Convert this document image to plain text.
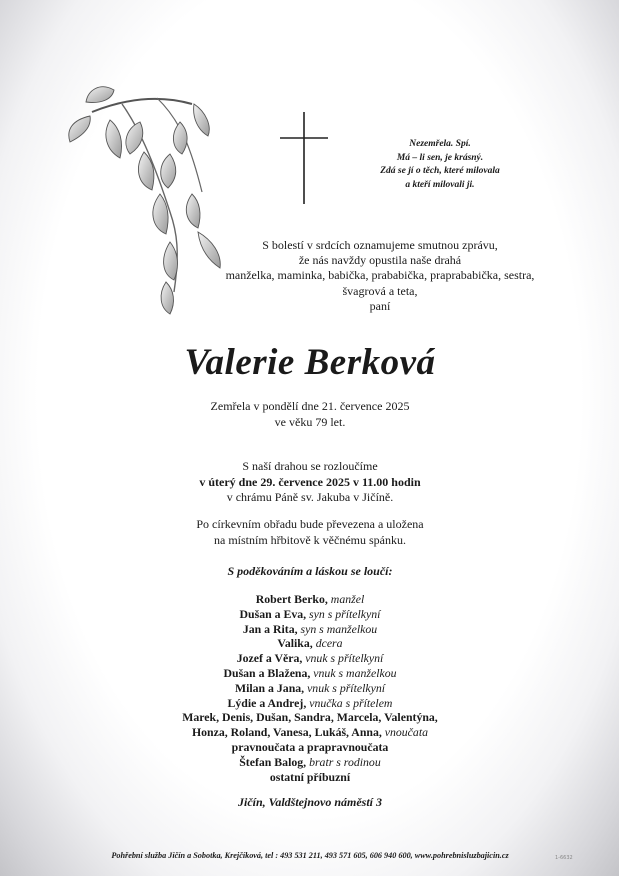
Nezemřela. Spí.
Má – li sen, je krásný.
Zdá se jí o těch, které milovala
a kteří milovali ji.
S bolestí v srdcích oznamujeme smutnou zprávu,
že nás navždy opustila naše drahá
manželka, maminka, babička, prababička, praprababička, sestra,
švagrová a teta,
paní
Valerie Berková
Zemřela v pondělí dne 21. července 2025
ve věku 79 let.
S naší drahou se rozloučíme
v úterý dne 29. července 2025 v 11.00 hodin
v chrámu Páně sv. Jakuba v Jičíně.
Po církevním obřadu bude převezena a uložena
na místním hřbitově k věčnému spánku.
S poděkováním a láskou se loučí:
Robert Berko, manžel
Dušan a Eva, syn s přítelkyní
Jan a Rita, syn s manželkou
Valika, dcera
Jozef a Věra, vnuk s přítelkyní
Dušan a Blažena, vnuk s manželkou
Milan a Jana, vnuk s přítelkyní
Lýdie a Andrej, vnučka s přítelem
Marek, Denis, Dušan, Sandra, Marcela, Valentýna,
Honza, Roland, Vanesa, Lukáš, Anna, vnoučata
pravnoučata a prapravnoučata
Štefan Balog, bratr s rodinou
ostatní příbuzní
Jičín, Valdštejnovo náměstí 3
Pohřební služba Jičín a Sobotka, Krejčíková, tel : 493 531 211, 493 571 605, 606 940 600, www.pohrebnisluzbajicin.cz	1-6632
